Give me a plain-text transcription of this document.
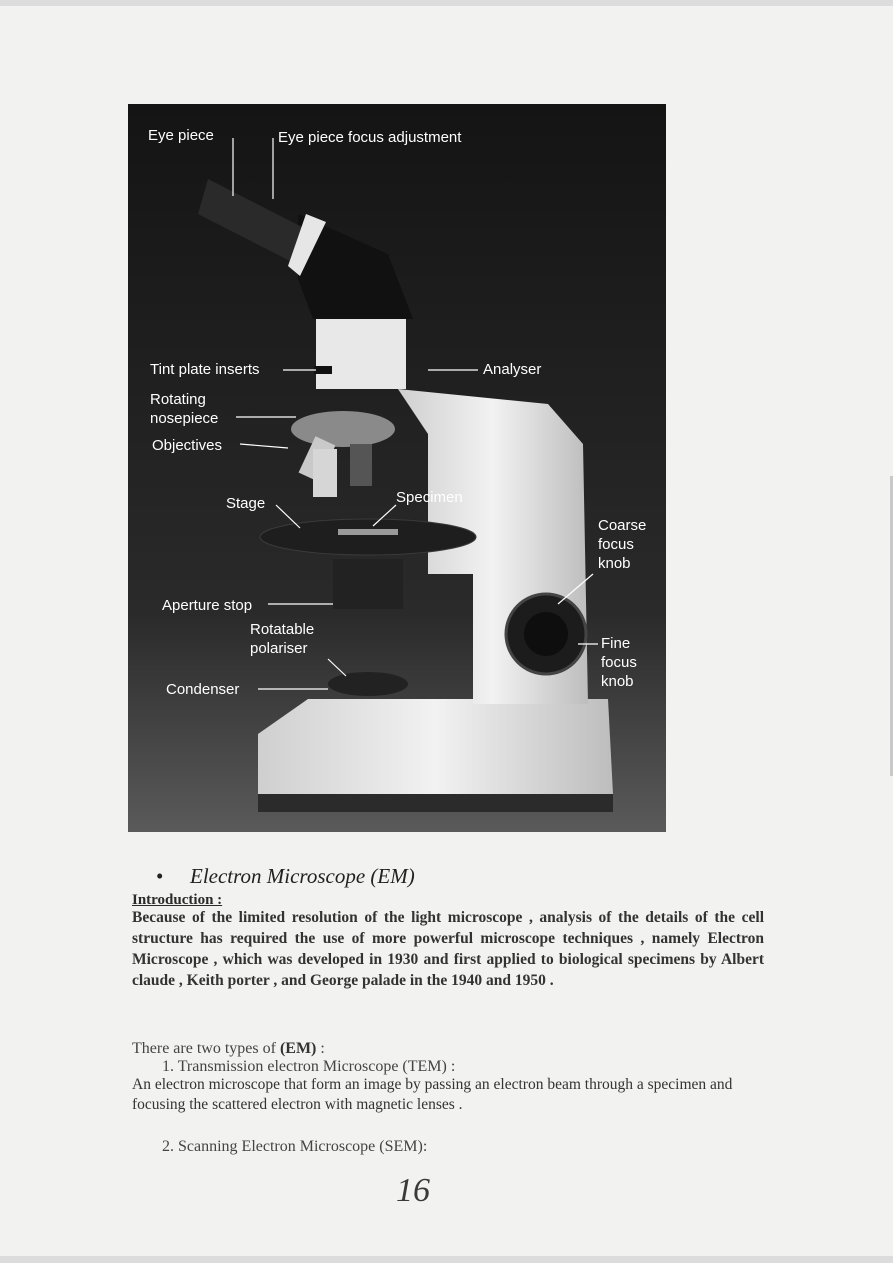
Eye piece	Eye piece focus adjustment
Tint plate inserts	Analyser
Rotating
nosepiece
Objectives
Stage	Specimen
Coarse
focus
knob
Aperture stop
Rotatable
polariser	Fine
focus
knob
Condenser
• Electron Microscope (EM)
Introduction :
Because of the limited resolution of the light microscope , analysis of the details of the cell structure has required the use of more powerful microscope techniques , namely Electron Microscope , which was developed in 1930 and first applied to biological specimens by Albert claude , Keith porter , and George palade in the 1940 and 1950 .
There are two types of (EM) :
1. Transmission electron Microscope (TEM) :
An electron microscope that form an image by passing an electron beam through a specimen and focusing the scattered electron with magnetic lenses .
2. Scanning Electron Microscope (SEM):
16
